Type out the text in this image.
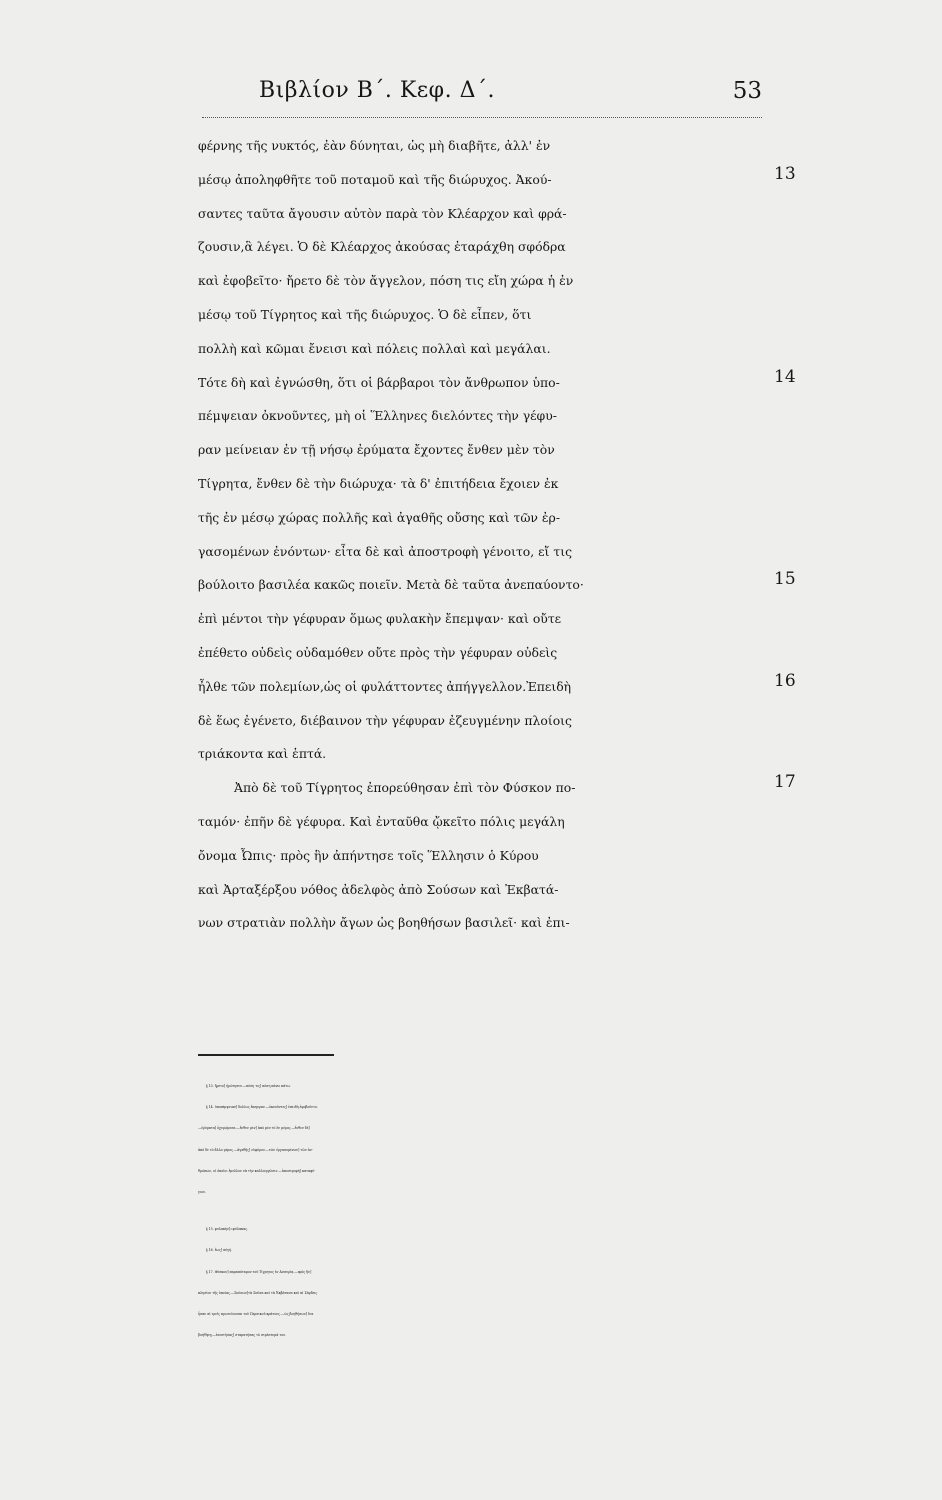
Βιβλίον Β΄. Κεφ. Δ΄.	53
φέρνης τῆς νυκτός, ἐὰν δύνηται, ὡς μὴ διαβῆτε, ἀλλ' ἐν
μέσῳ ἀποληφθῆτε τοῦ ποταμοῦ καὶ τῆς διώρυχος. Ἀκού-	13
σαντες ταῦτα ἄγουσιν αὐτὸν παρὰ τὸν Κλέαρχον καὶ φρά-
ζουσιν,ἃ λέγει. Ὁ δὲ Κλέαρχος ἀκούσας ἐταράχθη σφόδρα
καὶ ἐφοβεῖτο· ἤρετο δὲ τὸν ἄγγελον, πόση τις εἴη χώρα ἡ ἐν
μέσῳ τοῦ Τίγρητος καὶ τῆς διώρυχος. Ὁ δὲ εἶπεν, ὅτι
πολλὴ καὶ κῶμαι ἔνεισι καὶ πόλεις πολλαὶ καὶ μεγάλαι.
Τότε δὴ καὶ ἐγνώσθη, ὅτι οἱ βάρβαροι τὸν ἄνθρωπον ὑπο-	14
πέμψειαν ὀκνοῦντες, μὴ οἱ Ἕλληνες διελόντες τὴν γέφυ-
ραν μείνειαν ἐν τῇ νήσῳ ἐρύματα ἔχοντες ἔνθεν μὲν τὸν
Τίγρητα, ἔνθεν δὲ τὴν διώρυχα· τὰ δ' ἐπιτήδεια ἔχοιεν ἐκ
τῆς ἐν μέσῳ χώρας πολλῆς καὶ ἀγαθῆς οὔσης καὶ τῶν ἐρ-
γασομένων ἐνόντων· εἶτα δὲ καὶ ἀποστροφὴ γένοιτο, εἴ τις
βούλοιτο βασιλέα κακῶς ποιεῖν. Μετὰ δὲ ταῦτα ἀνεπαύοντο·	15
ἐπὶ μέντοι τὴν γέφυραν ὅμως φυλακὴν ἔπεμψαν· καὶ οὔτε
ἐπέθετο οὐδεὶς οὐδαμόθεν οὔτε πρὸς τὴν γέφυραν οὐδεὶς
ἦλθε τῶν πολεμίων,ὡς οἱ φυλάττοντες ἀπήγγελλον.Ἐπειδὴ	16
δὲ ἕως ἐγένετο, διέβαινον τὴν γέφυραν ἐζευγμένην πλοίοις
τριάκοντα καὶ ἑπτά.
Ἀπὸ δὲ τοῦ Τίγρητος ἐπορεύθησαν ἐπὶ τὸν Φύσκον πο-	17
ταμόν· ἐπῆν δὲ γέφυρα. Καὶ ἐνταῦθα ᾤκεῖτο πόλις μεγάλη
ὄνομα Ὦπις· πρὸς ἣν ἀπήντησε τοῖς Ἕλλησιν ὁ Κύρου
καὶ Ἀρταξέρξου νόθος ἀδελφὸς ἀπὸ Σούσων καὶ Ἐκβατά-
νων στρατιὰν πολλὴν ἄγων ὡς βοηθήσων βασιλεῖ· καὶ ἐπι-
§ 13. ἤρετο] ἠρώτησεν.—πόση τις] πόση πάνω κάτω.
§ 14. ὑποπέμψειαν] δολίως ἔπεμψαν.—ὀκνοῦντες] ἐπειδὴ ἐφοβοῦντο.
—ἐρύματα] ὀχυρώματα.—ἔνθεν μὲν] ἀπὸ μὲν τὸ ἓν μέρος.—ἔνθεν δὲ]
ἀπὸ δὲ τὸ ἄλλο μέρος.—ἀγαθῆς] εὐφόρου.—τῶν ἐργασομένων] τῶν ἀν-
θρώπων, οἱ ὁποῖοι ἔμελλον νὰ τὴν καλλιεργῶσιν.—ἀποστροφὴ] καταφύ-
γιον.
§ 15. φυλακὴν]=φύλακας.
§ 16. ἕως] αὐγή.
§ 17. Φύσκον] παραπόταμον τοῦ Τίγρητος ἐν Ἀσσυρίᾳ.—πρὸς ἣν]
πλησίον τῆς ὁποίας.—Σούσων]τὰ Σοῦσα καὶ τὰ Ἐκβάτανα καὶ αἱ Σάρδεις
ἦσαν αἱ τρεῖς πρωτεύουσαι τοῦ Περσικοῦ κράτους.—ὡς βοηθήσων] ἵνα
βοηθήσῃ.—ἐπιστήσας] σταματήσας τὸ στράτευμά του.
